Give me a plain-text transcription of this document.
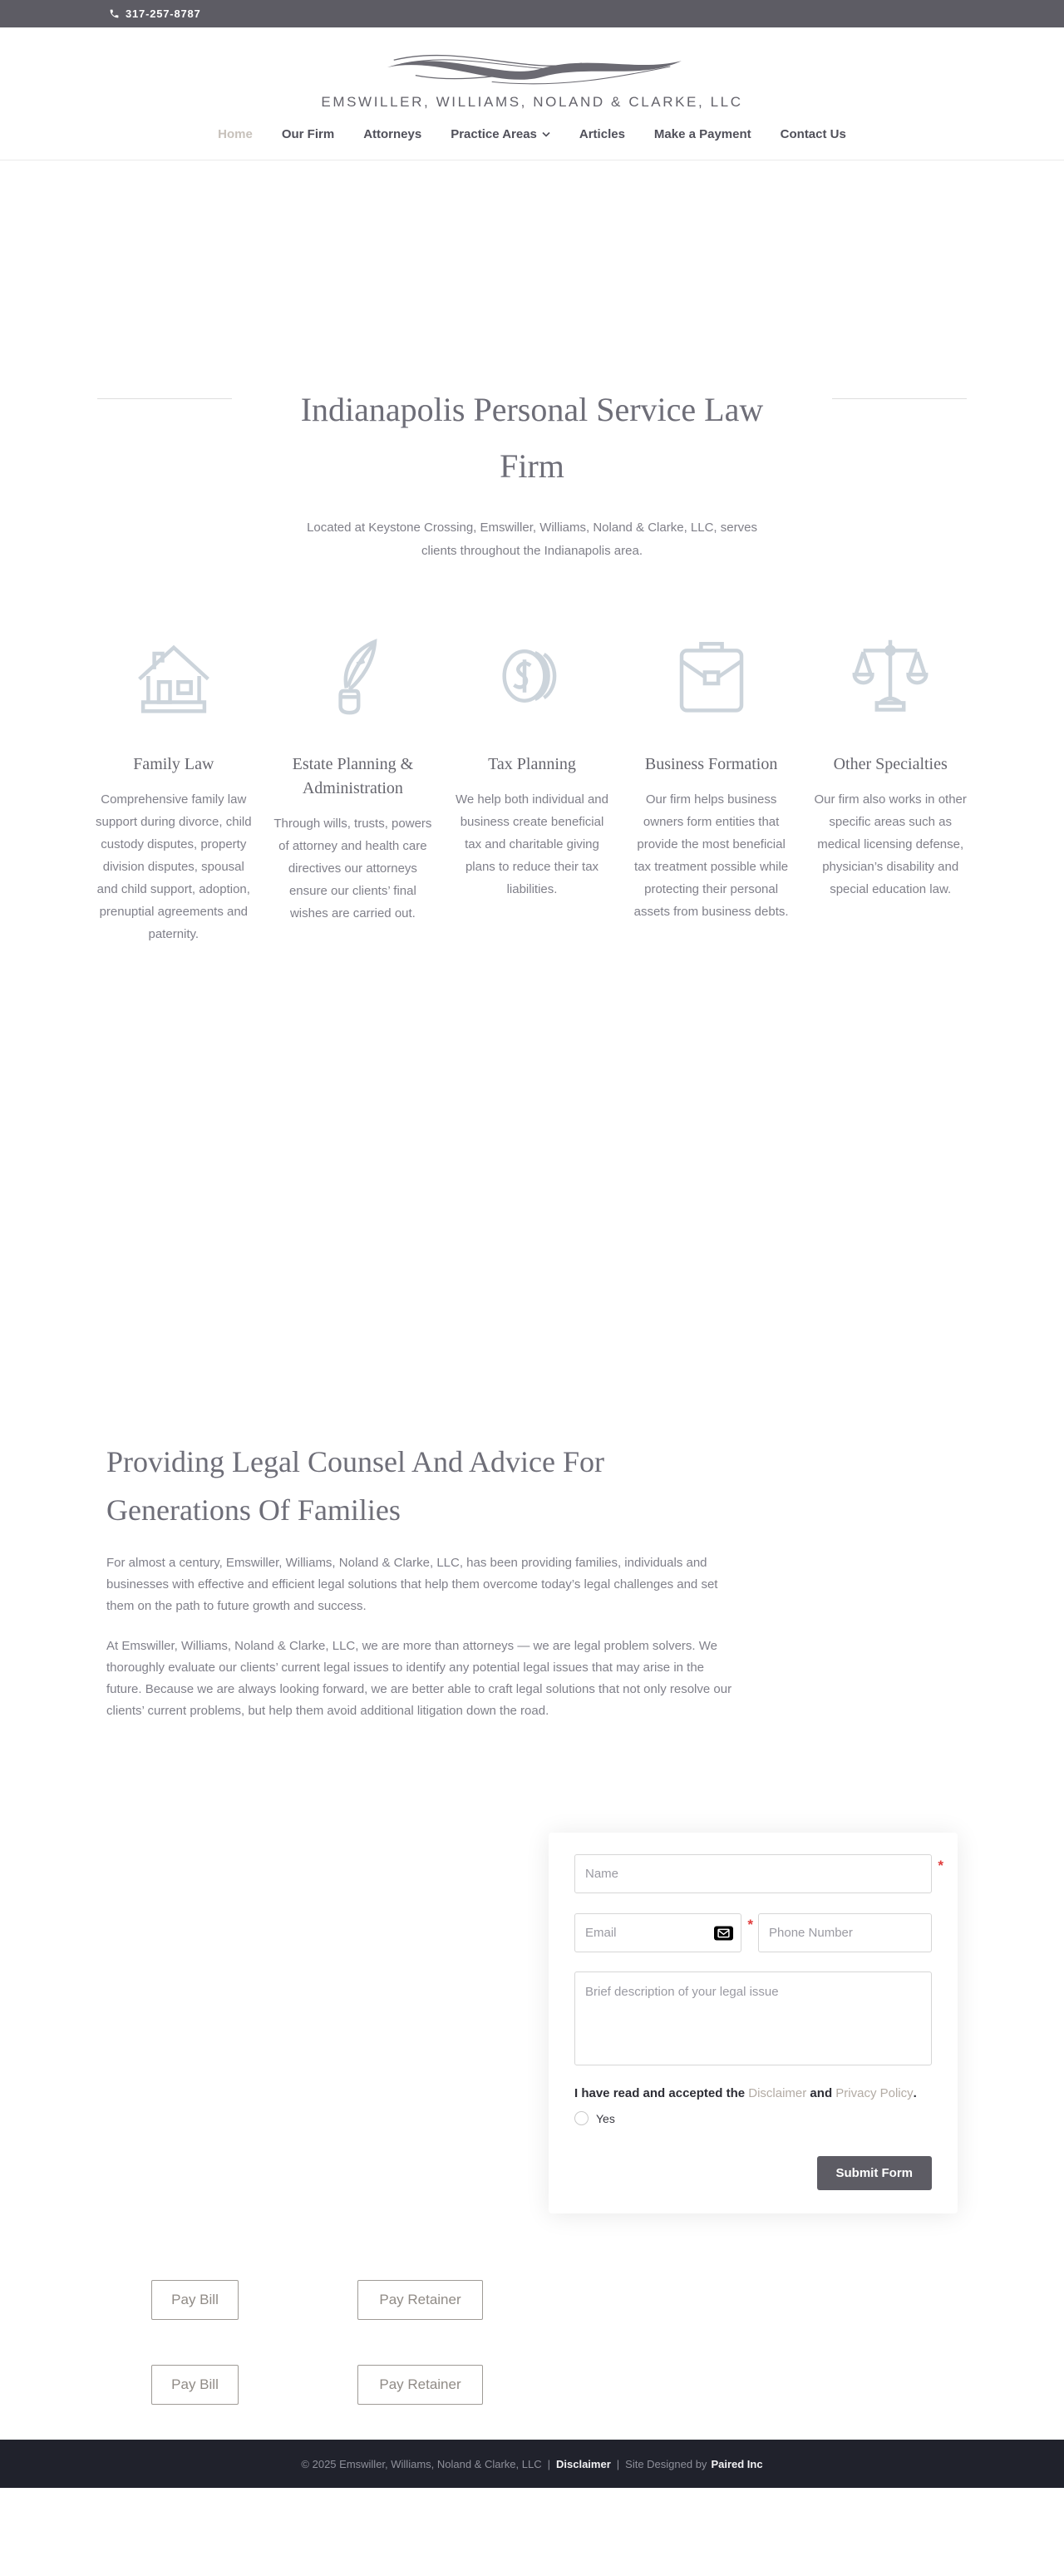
317-257-8787
EMSWILLER, WILLIAMS, NOLAND & CLARKE, LLC
Home Our Firm Attorneys Practice Areas	Articles Make a Payment Contact Us
Indianapolis Personal Service Law Firm

Located at Keystone Crossing, Emswiller, Williams, Noland & Clarke, LLC, serves clients throughout the Indianapolis area.

Family Law
Comprehensive family law support during divorce, child custody disputes, property division disputes, spousal and child support, adoption, prenuptial agreements and paternity.
Estate Planning & Administration
Through wills, trusts, powers of attorney and health care directives our attorneys ensure our clients’ final wishes are carried out.
Tax Planning
We help both individual and business create beneficial tax and charitable giving plans to reduce their tax liabilities.
Business Formation
Our firm helps business owners form entities that provide the most beneficial tax treatment possible while protecting their personal assets from business debts.
Other Specialties
Our firm also works in other specific areas such as medical licensing defense, physician’s disability and special education law.
Providing Legal Counsel And Advice For Generations Of Families

For almost a century, Emswiller, Williams, Noland & Clarke, LLC, has been providing families, individuals and businesses with effective and efficient legal solutions that help them overcome today’s legal challenges and set them on the path to future growth and success.

At Emswiller, Williams, Noland & Clarke, LLC, we are more than attorneys — we are legal problem solvers. We thoroughly evaluate our clients’ current legal issues to identify any potential legal issues that may arise in the future. Because we are always looking forward, we are better able to craft legal solutions that not only resolve our clients’ current problems, but help them avoid additional litigation down the road.

Name
*
Email
*
Phone Number
Brief description of your legal issue
I have read and accepted the Disclaimer and Privacy Policy.
Yes
Submit Form
Pay Bill	Pay Retainer
Pay Bill	Pay Retainer
© 2025 Emswiller, Williams, Noland & Clarke, LLC | Disclaimer | Site Designed by Paired Inc
